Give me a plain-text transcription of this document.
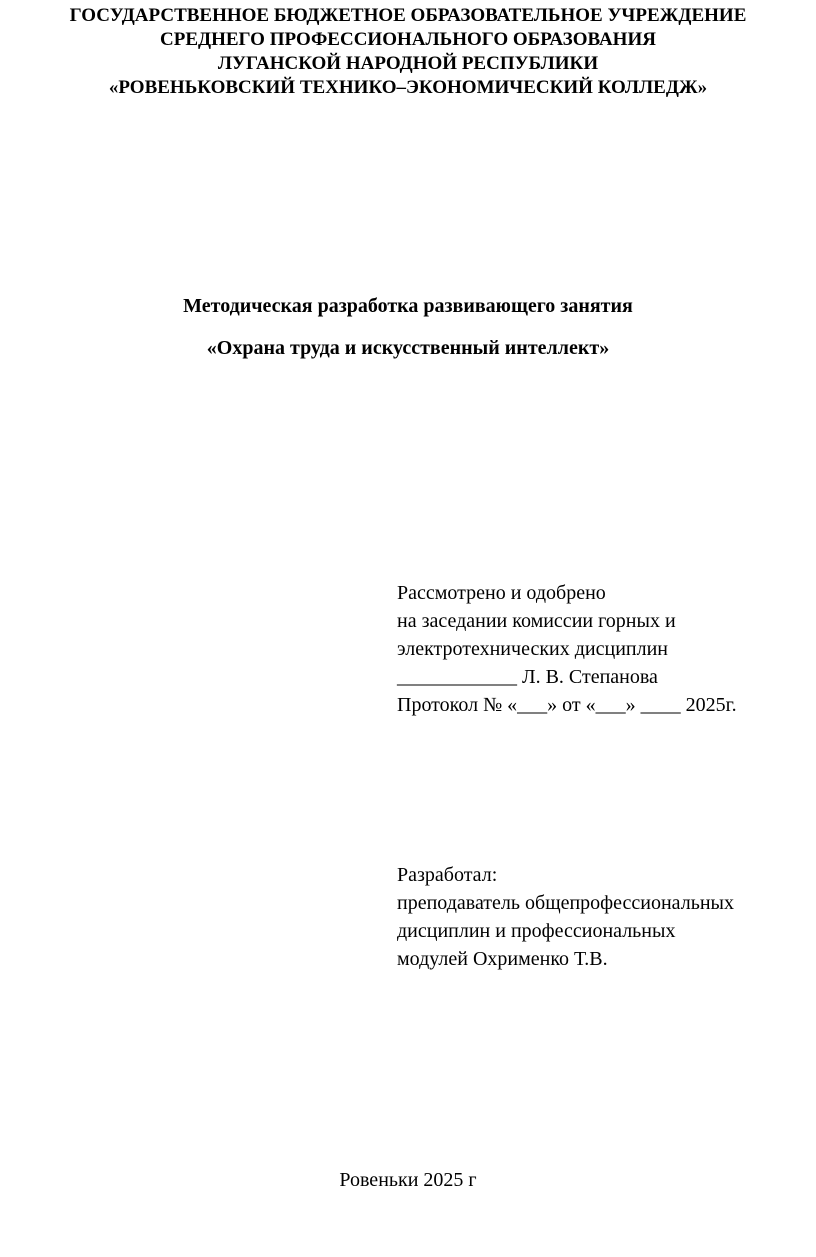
ГОСУДАРСТВЕННОЕ БЮДЖЕТНОЕ ОБРАЗОВАТЕЛЬНОЕ УЧРЕЖДЕНИЕ
СРЕДНЕГО ПРОФЕССИОНАЛЬНОГО ОБРАЗОВАНИЯ
ЛУГАНСКОЙ НАРОДНОЙ РЕСПУБЛИКИ
«РОВЕНЬКОВСКИЙ ТЕХНИКО–ЭКОНОМИЧЕСКИЙ КОЛЛЕДЖ»
Методическая разработка развивающего занятия
«Охрана труда и искусственный интеллект»
Рассмотрено и одобрено
на заседании комиссии горных и
электротехнических дисциплин
____________ Л. В. Степанова
Протокол № «___» от «___» ____ 2025г.
Разработал:
преподаватель общепрофессиональных
дисциплин и профессиональных
модулей Охрименко Т.В.
Ровеньки 2025 г
